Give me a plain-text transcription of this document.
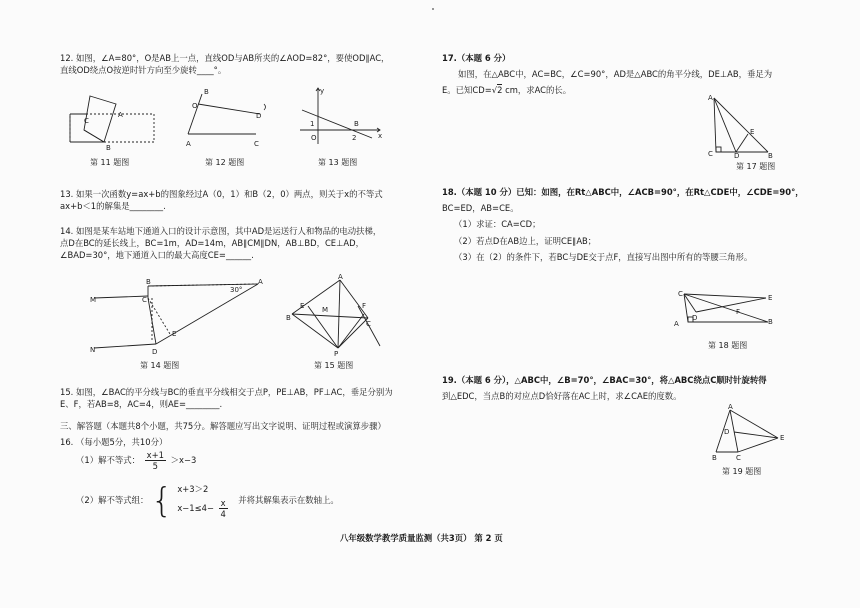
12. 如图，∠A=80°，O是AB上一点，直线OD与AB所夹的∠AOD=82°，要使OD∥AC，

直线OD绕点O按逆时针方向至少旋转____°。

B
C
A
第 11 题图
B
O
D
A	C
第 12 题图
y
x
1
O	2
B
第 13 题图

13. 如果一次函数y=ax+b的图象经过A（0，1）和B（2，0）两点，则关于x的不等式

ax+b＜1的解集是________.

14. 如图是某车站地下通道入口的设计示意图，其中AD是运送行人和物品的电动扶梯，

点D在BC的延长线上，BC=1m，AD=14m，AB∥CM∥DN，AB⊥BD，CE⊥AD，

∠BAD=30°，地下通道入口的最大高度CE=______.

M
N
B
C
E
D
30°
A
第 14 题图
A
B
E	M
C
F
P
第 15 题图

15. 如图，∠BAC的平分线与BC的垂直平分线相交于点P，PE⊥AB，PF⊥AC，垂足分别为

E、F，若AB=8，AC=4，则AE=________.

三、解答题（本题共8个小题，共75分。解答题应写出文字说明、证明过程或演算步骤）

16. （每小题5分，共10分）

（1）解不等式： $\frac{x+1}{5} >x-3$
（2）解不等式组： { x+3＞2
$x-1\le 4- \frac{x}{4}$ 并将其解集表示在数轴上。
八年级数学教学质量监测（共3页） 第 2 页

17.（本题 6 分）

如图，在△ABC中，AC=BC，∠C=90°，AD是△ABC的角平分线，DE⊥AB，垂足为

E。已知CD=√2 cm，求AC的长。

A
C	D
E
B
第 17 题图

18.（本题 10 分）已知：如图，在Rt△ABC中，∠ACB=90°，在Rt△CDE中，∠CDE=90°，

BC=ED，AB=CE。

（1）求证：CA=CD；

（2）若点D在AB边上，证明CE∥AB；

（3）在（2）的条件下，若BC与DE交于点F，直接写出图中所有的等腰三角形。

C
A
D
F
E
B
第 18 题图

19.（本题 6 分），△ABC中，∠B=70°，∠BAC=30°，将△ABC绕点C顺时针旋转得

到△EDC，当点B的对应点D恰好落在AC上时，求∠CAE的度数。

A
D
E
B	C
第 19 题图
